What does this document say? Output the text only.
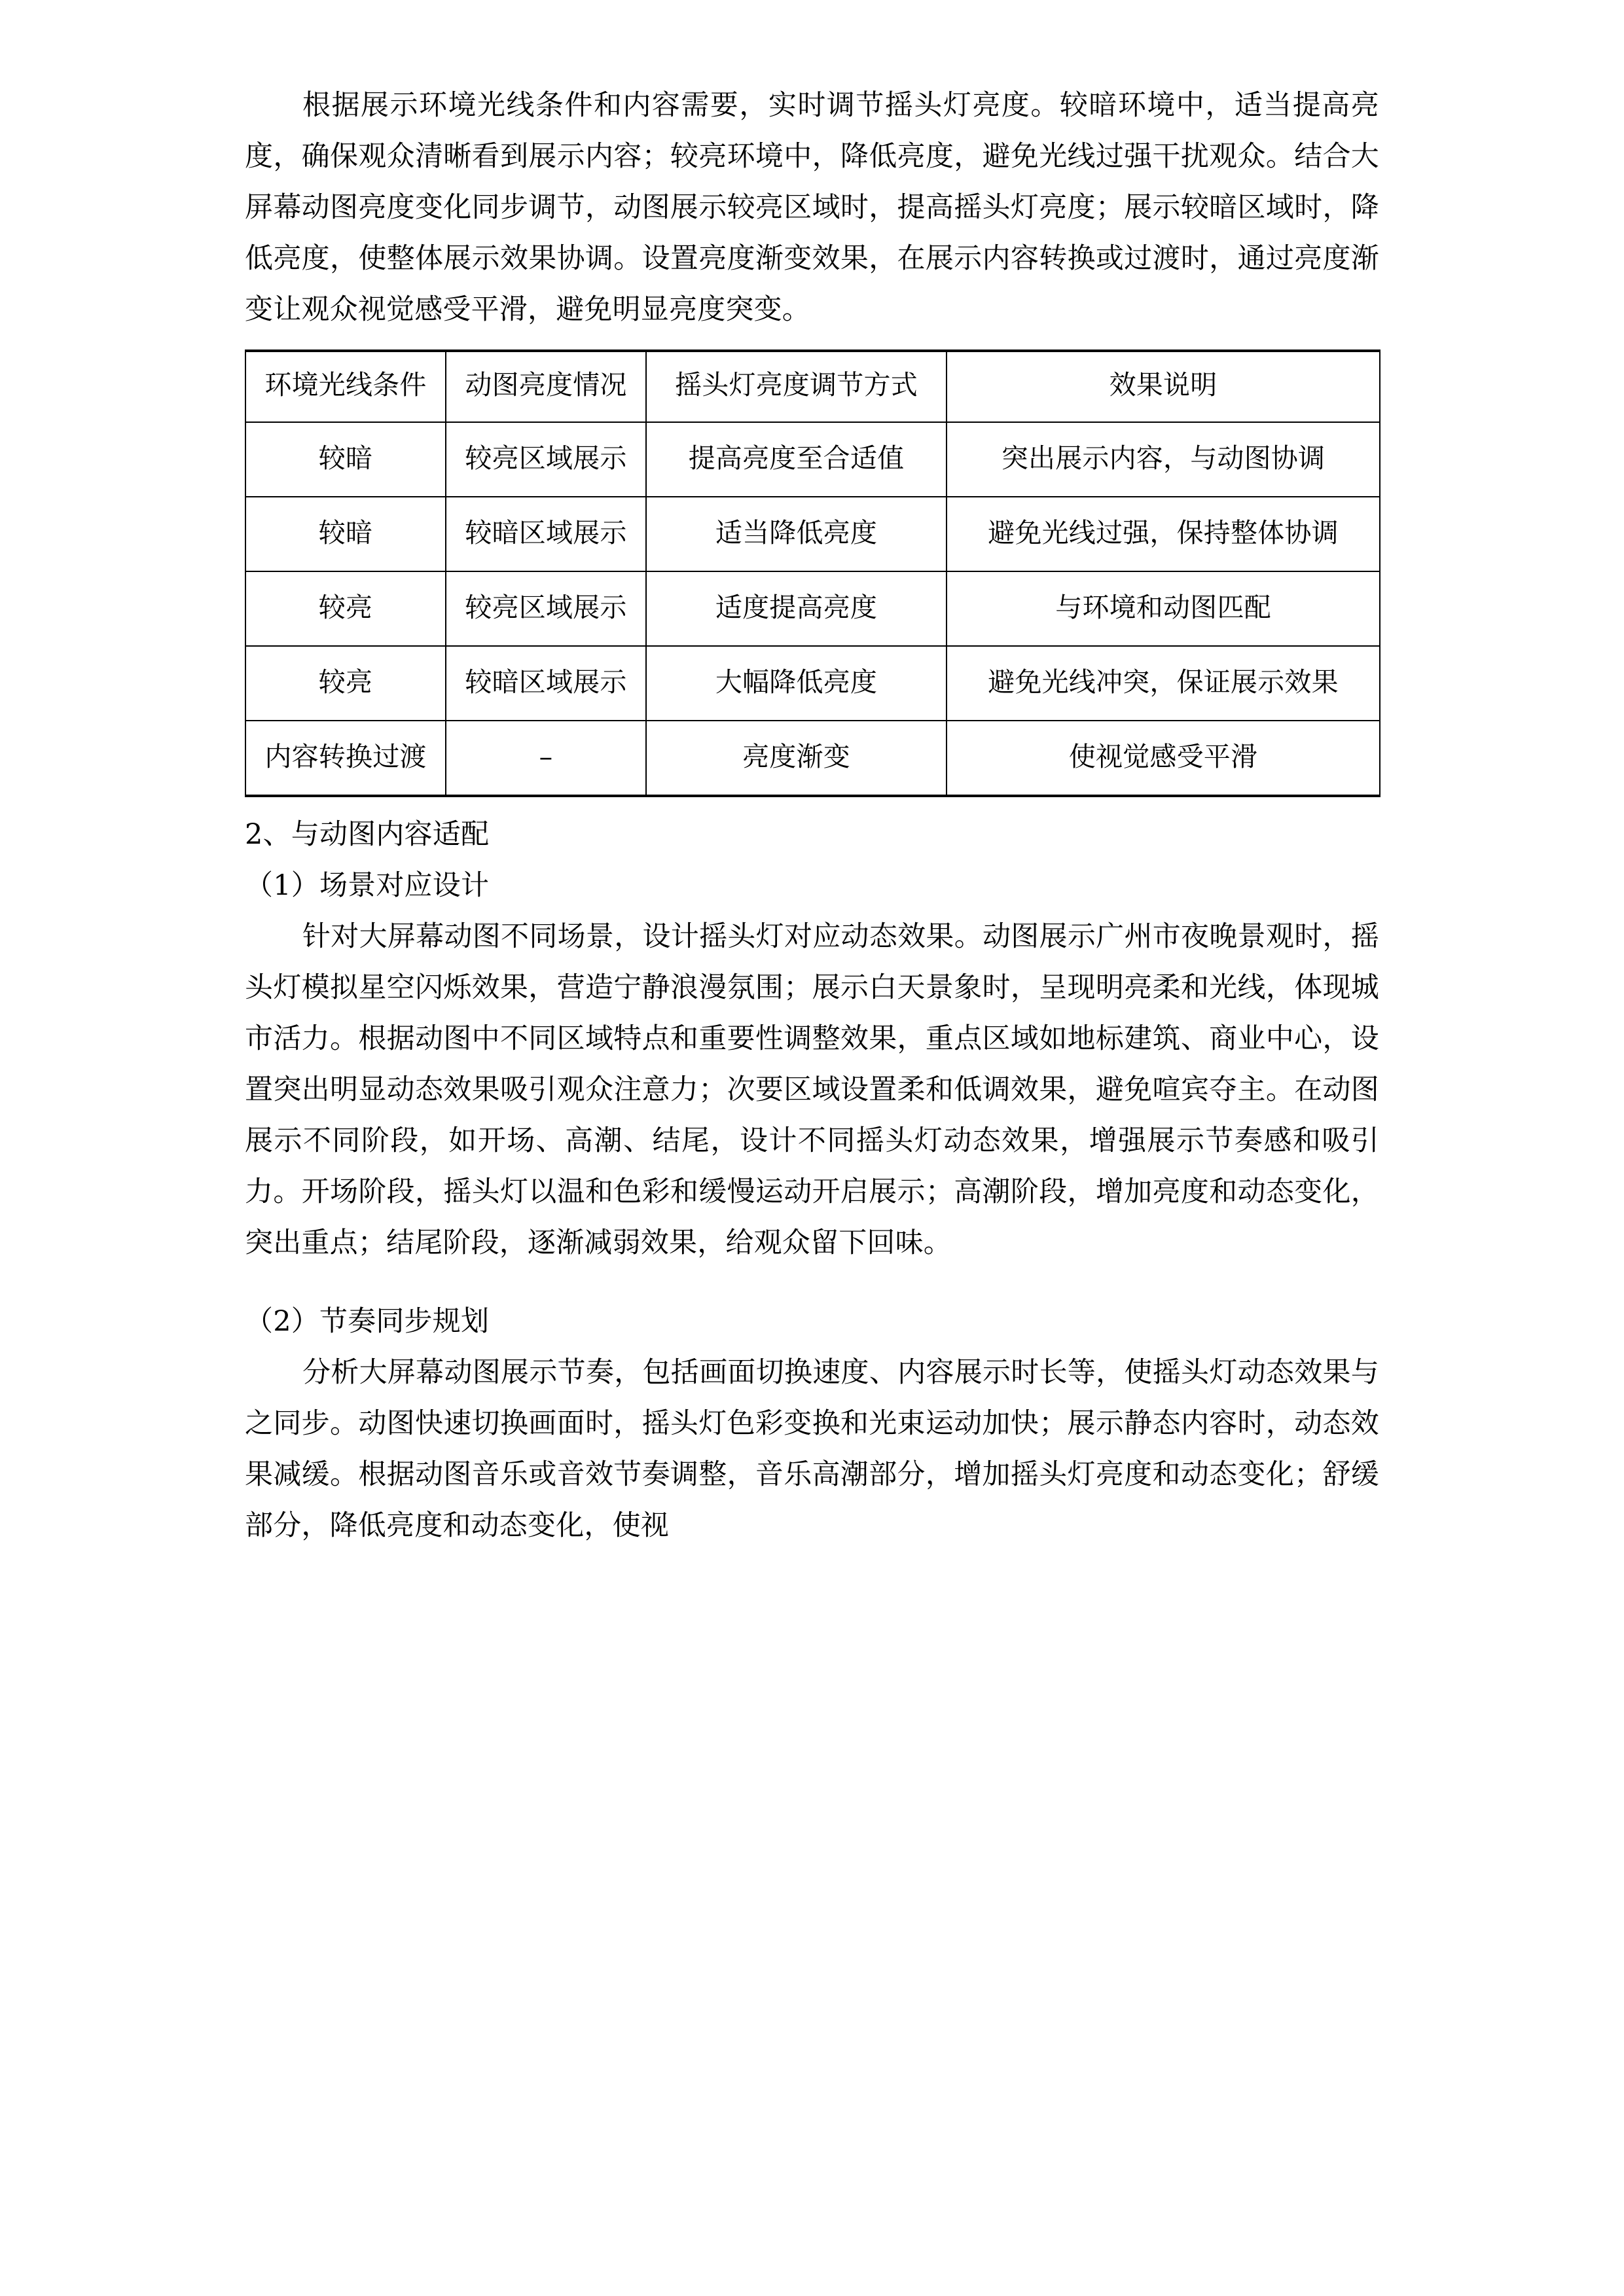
根据展示环境光线条件和内容需要，实时调节摇头灯亮度。较暗环境中，适当提高亮度，确保观众清晰看到展示内容；较亮环境中，降低亮度，避免光线过强干扰观众。结合大屏幕动图亮度变化同步调节，动图展示较亮区域时，提高摇头灯亮度；展示较暗区域时，降低亮度，使整体展示效果协调。设置亮度渐变效果，在展示内容转换或过渡时，通过亮度渐变让观众视觉感受平滑，避免明显亮度突变。

环境光线条件	动图亮度情况	摇头灯亮度调节方式	效果说明
较暗	较亮区域展示	提高亮度至合适值	突出展示内容，与动图协调
较暗	较暗区域展示	适当降低亮度	避免光线过强，保持整体协调
较亮	较亮区域展示	适度提高亮度	与环境和动图匹配
较亮	较暗区域展示	大幅降低亮度	避免光线冲突，保证展示效果
内容转换过渡	–	亮度渐变	使视觉感受平滑

2、与动图内容适配

（1）场景对应设计

针对大屏幕动图不同场景，设计摇头灯对应动态效果。动图展示广州市夜晚景观时，摇头灯模拟星空闪烁效果，营造宁静浪漫氛围；展示白天景象时，呈现明亮柔和光线，体现城市活力。根据动图中不同区域特点和重要性调整效果，重点区域如地标建筑、商业中心，设置突出明显动态效果吸引观众注意力；次要区域设置柔和低调效果，避免喧宾夺主。在动图展示不同阶段，如开场、高潮、结尾，设计不同摇头灯动态效果，增强展示节奏感和吸引力。开场阶段，摇头灯以温和色彩和缓慢运动开启展示；高潮阶段，增加亮度和动态变化，突出重点；结尾阶段，逐渐减弱效果，给观众留下回味。

（2）节奏同步规划

分析大屏幕动图展示节奏，包括画面切换速度、内容展示时长等，使摇头灯动态效果与之同步。动图快速切换画面时，摇头灯色彩变换和光束运动加快；展示静态内容时，动态效果减缓。根据动图音乐或音效节奏调整，音乐高潮部分，增加摇头灯亮度和动态变化；舒缓部分，降低亮度和动态变化，使视
